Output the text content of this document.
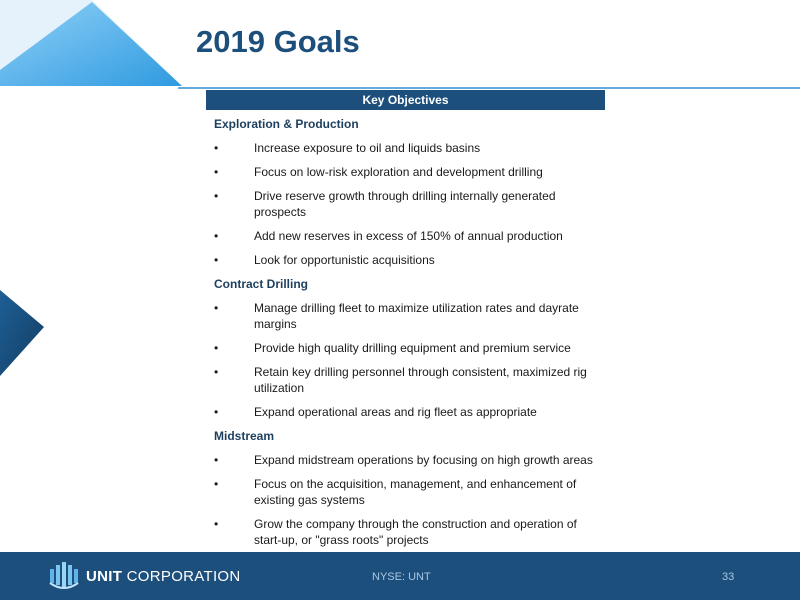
2019 Goals
Key Objectives
Exploration & Production
•	Increase exposure to oil and liquids basins
•	Focus on low-risk exploration and development drilling
•	Drive reserve growth through drilling internally generated prospects
•	Add new reserves in excess of 150% of annual production
•	Look for opportunistic acquisitions
Contract Drilling
•	Manage drilling fleet to maximize utilization rates and dayrate margins
•	Provide high quality drilling equipment and premium service
•	Retain key drilling personnel through consistent, maximized rig utilization
•	Expand operational areas and rig fleet as appropriate
Midstream
•	Expand midstream operations by focusing on high growth areas
•	Focus on the acquisition, management, and enhancement of existing gas systems
•	Grow the company through the construction and operation of start-up, or "grass roots" projects
UNIT CORPORATION	NYSE: UNT	33
